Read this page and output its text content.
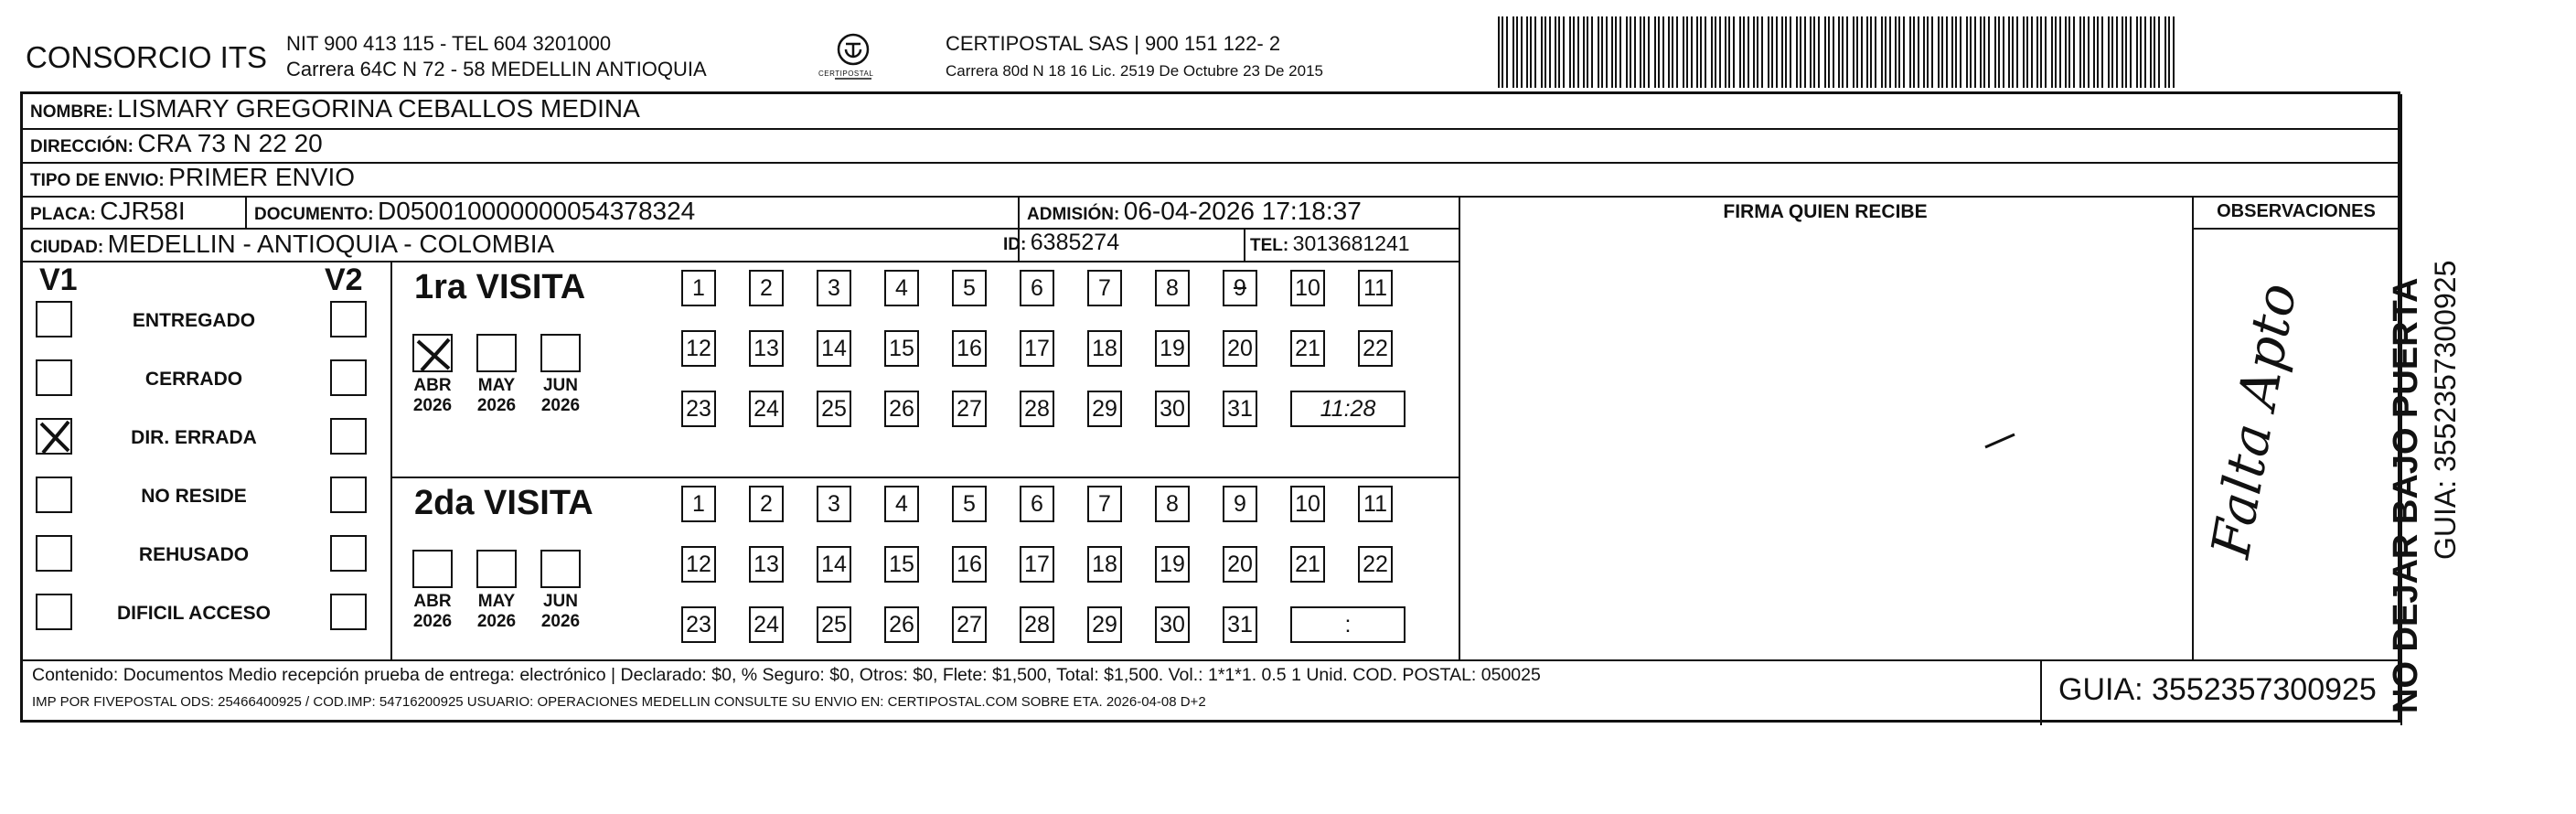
CONSORCIO ITS NIT 900 413 115 - TEL 604 3201000
Carrera 64C N 72 - 58 MEDELLIN ANTIOQUIA	CERTIPOSTAL
CERTIPOSTAL SAS | 900 151 122- 2
Carrera 80d N 18 16 Lic. 2519 De Octubre 23 De 2015
NOMBRE: LISMARY GREGORINA CEBALLOS MEDINA
DIRECCIÓN: CRA 73 N 22 20
TIPO DE ENVIO: PRIMER ENVIO
PLACA: CJR58I	DOCUMENTO: D050010000000054378324	ADMISIÓN: 06-04-2026 17:18:37
CIUDAD: MEDELLIN - ANTIOQUIA - COLOMBIA	ID: 6385274	TEL: 3013681241
FIRMA QUIEN RECIBE	OBSERVACIONES
V1	V2
ENTREGADO
CERRADO
DIR. ERRADA
NO RESIDE
REHUSADO
DIFICIL ACCESO
1ra VISITA
ABR
2026
MAY
2026
JUN
2026
1	2	3	4	5	6	7	8	9	10 11
12 13 14 15 16 17 18 19 20 21 22
23 24 25 26 27 28 29 30 31	11:28
2da VISITA
ABR
2026
MAY
2026
JUN
2026
1	2	3	4	5	6	7	8	9	10 11
12 13 14 15 16 17 18 19 20 21 22
23 24 25 26 27 28 29 30 31	:
Falta Apto
Contenido: Documentos Medio recepción prueba de entrega: electrónico | Declarado: $0, % Seguro: $0, Otros: $0, Flete: $1,500, Total: $1,500. Vol.: 1*1*1. 0.5 1 Unid. COD. POSTAL: 050025
IMP POR FIVEPOSTAL ODS: 25466400925 / COD.IMP: 54716200925 USUARIO: OPERACIONES MEDELLIN CONSULTE SU ENVIO EN: CERTIPOSTAL.COM SOBRE ETA. 2026-04-08 D+2	GUIA: 3552357300925 NO DEJAR BAJO PUERTA GUIA: 3552357300925
